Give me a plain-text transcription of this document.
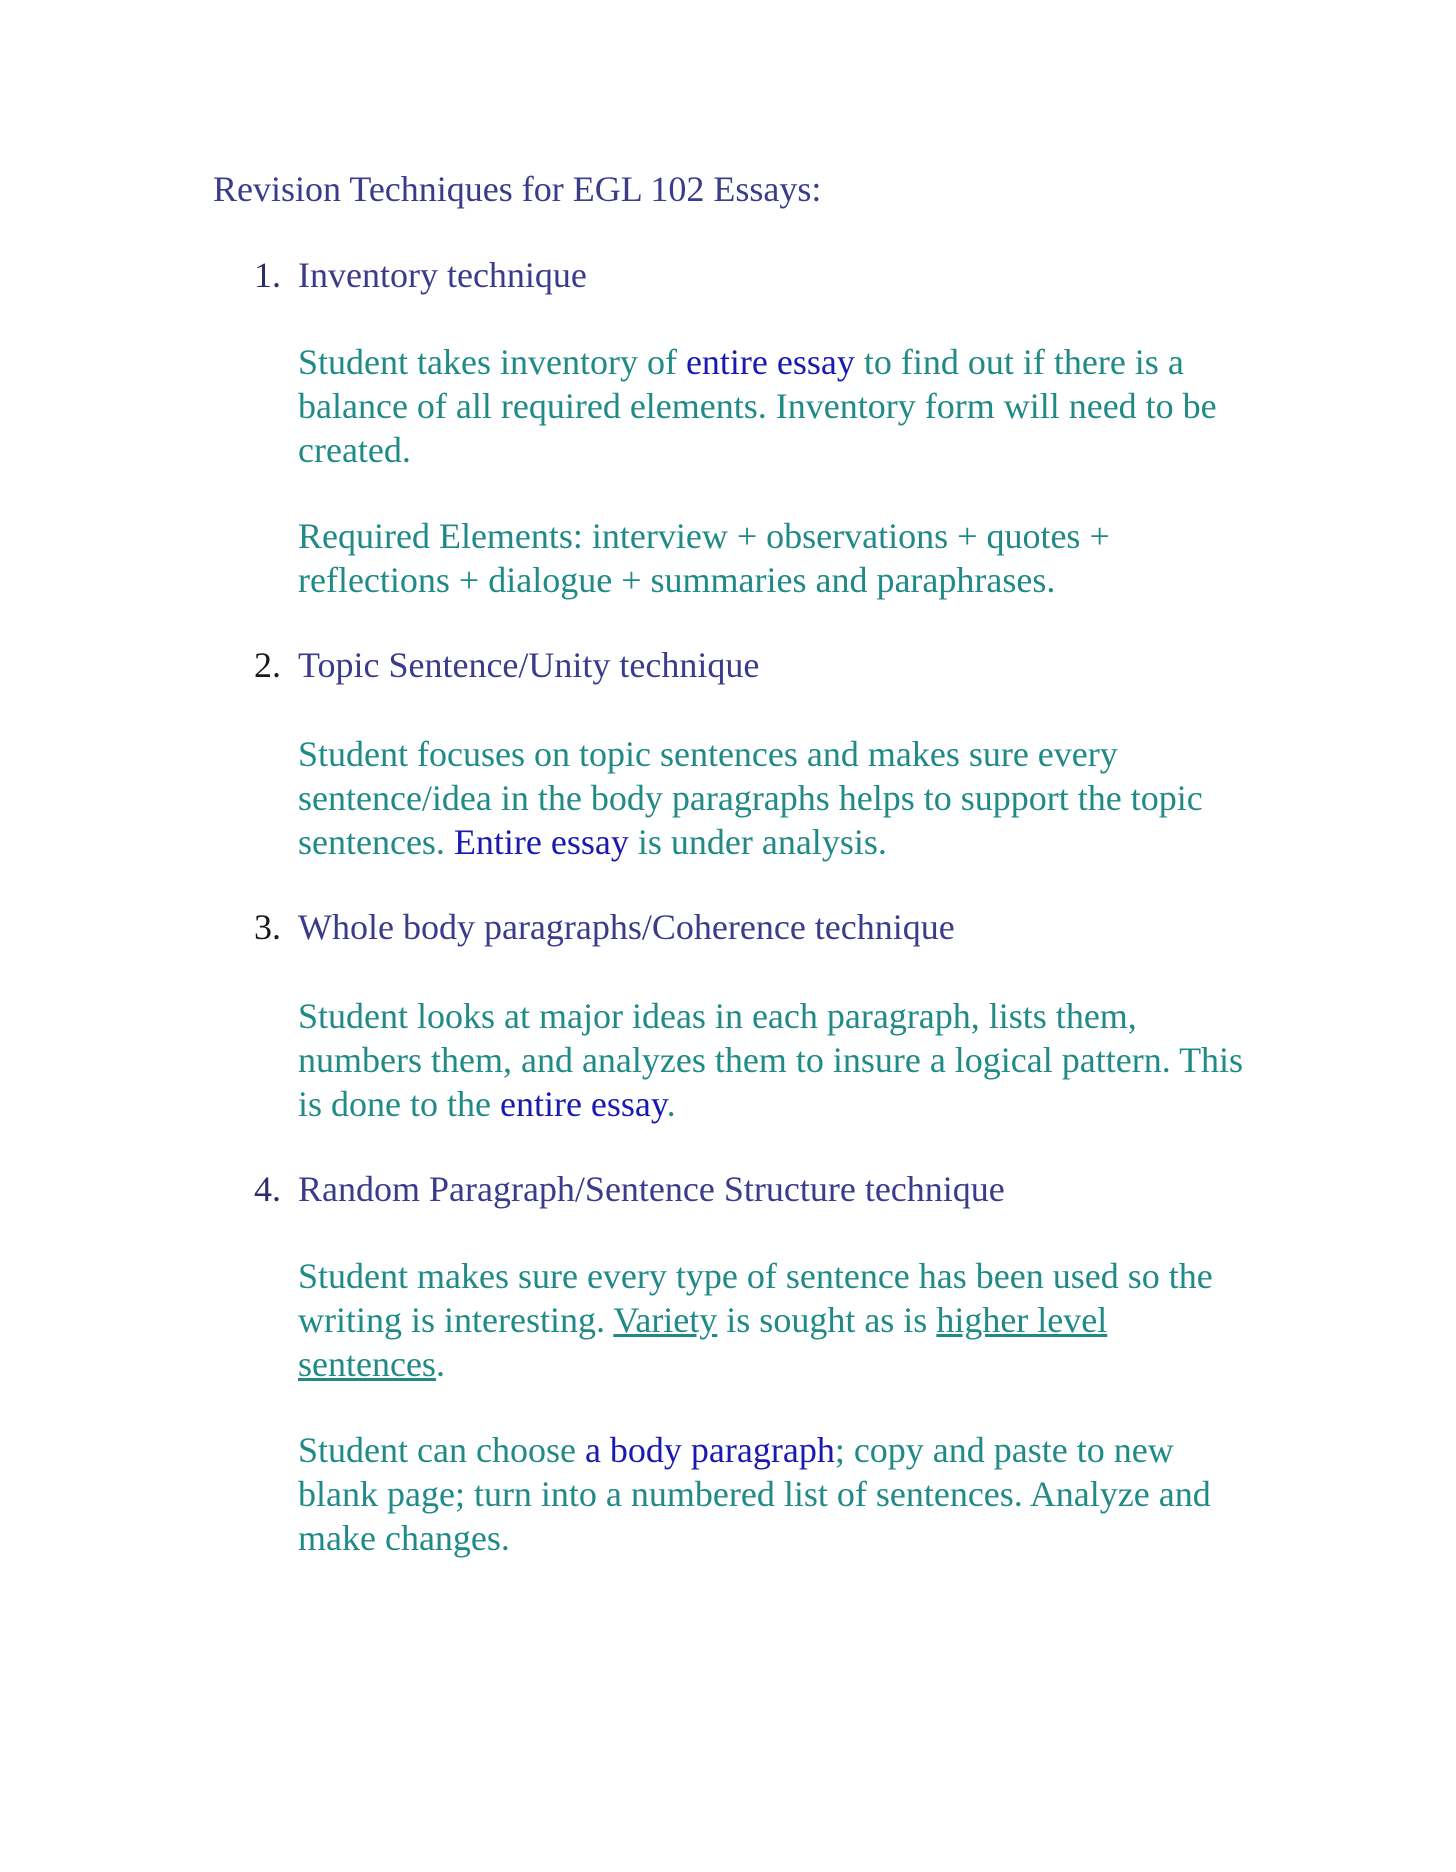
Revision Techniques for EGL 102 Essays:
1. Inventory technique

Student takes inventory of entire essay to find out if there is a balance of all required elements. Inventory form will need to be created.

Required Elements: interview + observations + quotes + reflections + dialogue + summaries and paraphrases.

2. Topic Sentence/Unity technique

Student focuses on topic sentences and makes sure every sentence/idea in the body paragraphs helps to support the topic sentences. Entire essay is under analysis.

3. Whole body paragraphs/Coherence technique

Student looks at major ideas in each paragraph, lists them, numbers them, and analyzes them to insure a logical pattern. This is done to the entire essay.

4. Random Paragraph/Sentence Structure technique

Student makes sure every type of sentence has been used so the writing is interesting. Variety is sought as is higher level sentences.

Student can choose a body paragraph; copy and paste to new blank page; turn into a numbered list of sentences. Analyze and make changes.
